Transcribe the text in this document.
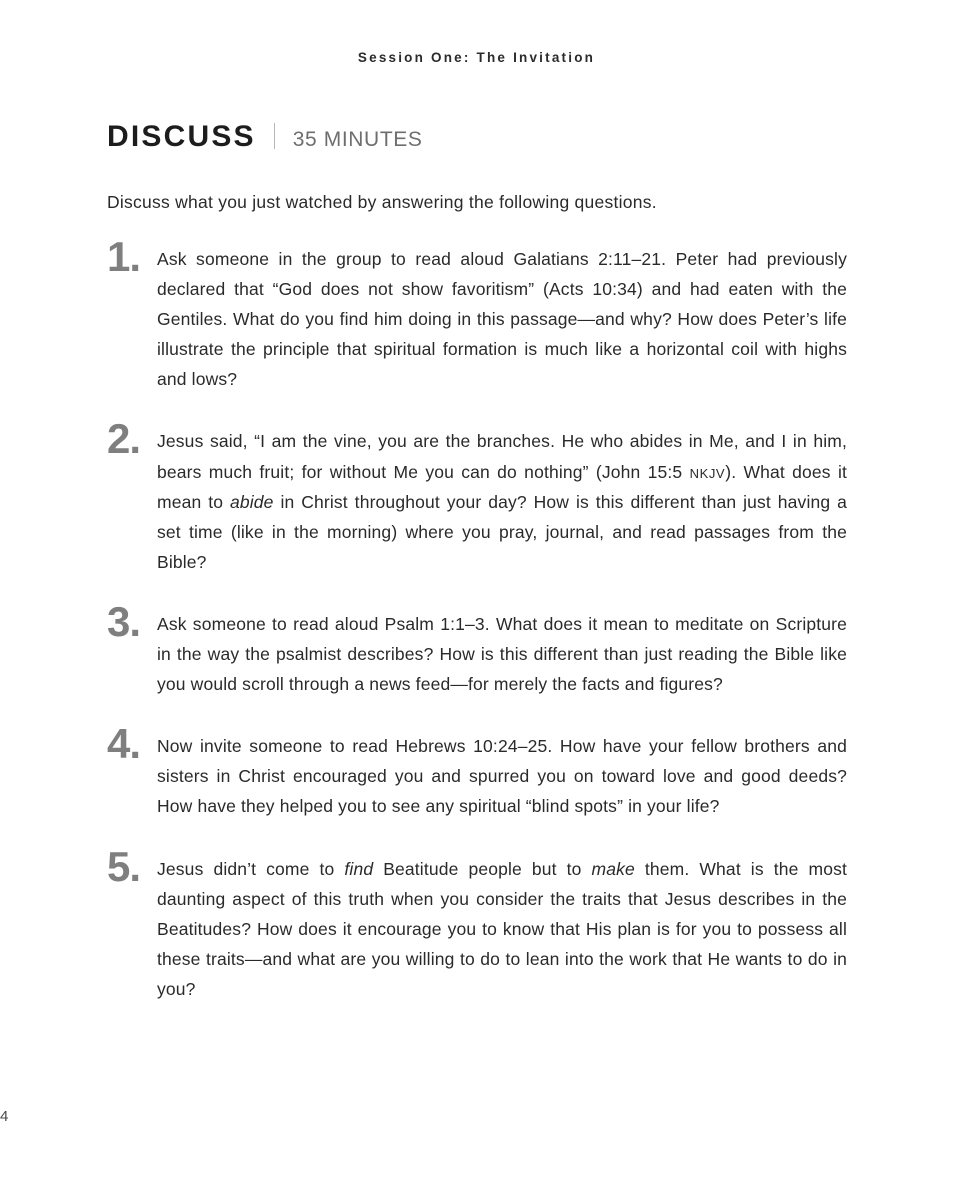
Session One: The Invitation
DISCUSS 35 MINUTES
Discuss what you just watched by answering the following questions.
1. Ask someone in the group to read aloud Galatians 2:11–21. Peter had previously declared that “God does not show favoritism” (Acts 10:34) and had eaten with the Gentiles. What do you find him doing in this passage—and why? How does Peter’s life illustrate the principle that spiritual formation is much like a horizontal coil with highs and lows?
2. Jesus said, “I am the vine, you are the branches. He who abides in Me, and I in him, bears much fruit; for without Me you can do nothing” (John 15:5 NKJV). What does it mean to abide in Christ throughout your day? How is this different than just having a set time (like in the morning) where you pray, journal, and read passages from the Bible?
3. Ask someone to read aloud Psalm 1:1–3. What does it mean to meditate on Scripture in the way the psalmist describes? How is this different than just reading the Bible like you would scroll through a news feed—for merely the facts and figures?
4. Now invite someone to read Hebrews 10:24–25. How have your fellow brothers and sisters in Christ encouraged you and spurred you on toward love and good deeds? How have they helped you to see any spiritual “blind spots” in your life?
5. Jesus didn’t come to find Beatitude people but to make them. What is the most daunting aspect of this truth when you consider the traits that Jesus describes in the Beatitudes? How does it encourage you to know that His plan is for you to possess all these traits—and what are you willing to do to lean into the work that He wants to do in you?
4
